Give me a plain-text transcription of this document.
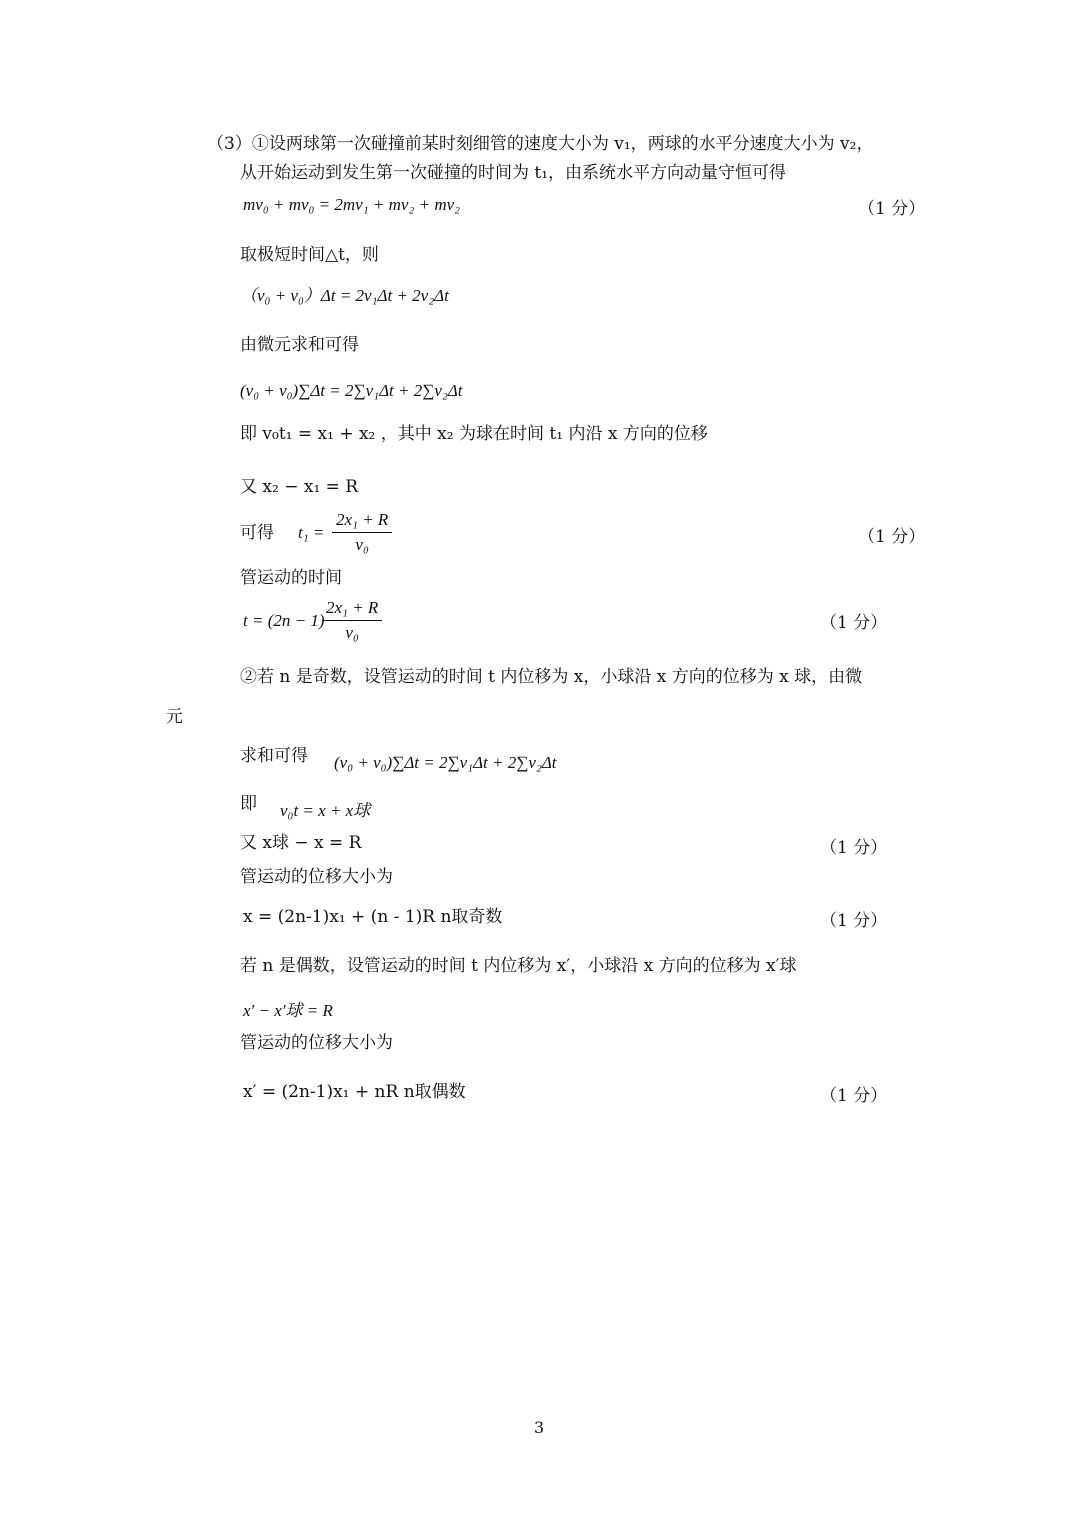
（3）①设两球第一次碰撞前某时刻细管的速度大小为 v₁，两球的水平分速度大小为 v₂，
从开始运动到发生第一次碰撞的时间为 t₁，由系统水平方向动量守恒可得
mv₀ + mv₀ = 2mv₁ + mv₂ + mv₂	（1 分）
取极短时间△t，则
（v₀ + v₀）Δt = 2v₁Δt + 2v₂Δt
由微元求和可得
(v₀ + v₀)∑Δt = 2∑v₁Δt + 2∑v₂Δt
即 v₀t₁ = x₁ + x₂ ，其中 x₂ 为球在时间 t₁ 内沿 x 方向的位移
又 x₂ − x₁ = R
可得 $t_1 = \frac{\text{2x₁ + R}}{\text{v₀}}$	（1 分）
管运动的时间
t = (2n − 1)
$\frac{\text{2x₁ + R}}{\text{v₀}}$	（1 分）
②若 n 是奇数，设管运动的时间 t 内位移为 x，小球沿 x 方向的位移为 x 球，由微
元
求和可得 (v₀ + v₀)∑Δt = 2∑v₁Δt + 2∑v₂Δt
即 v₀t = x + x球
又 x球 − x = R	（1 分）
管运动的位移大小为
x = (2n-1)x₁ + (n - 1)R n取奇数	（1 分）
若 n 是偶数，设管运动的时间 t 内位移为 x′，小球沿 x 方向的位移为 x′球
x′ − x′球 = R
管运动的位移大小为
x′ = (2n-1)x₁ + nR n取偶数	（1 分）
3
